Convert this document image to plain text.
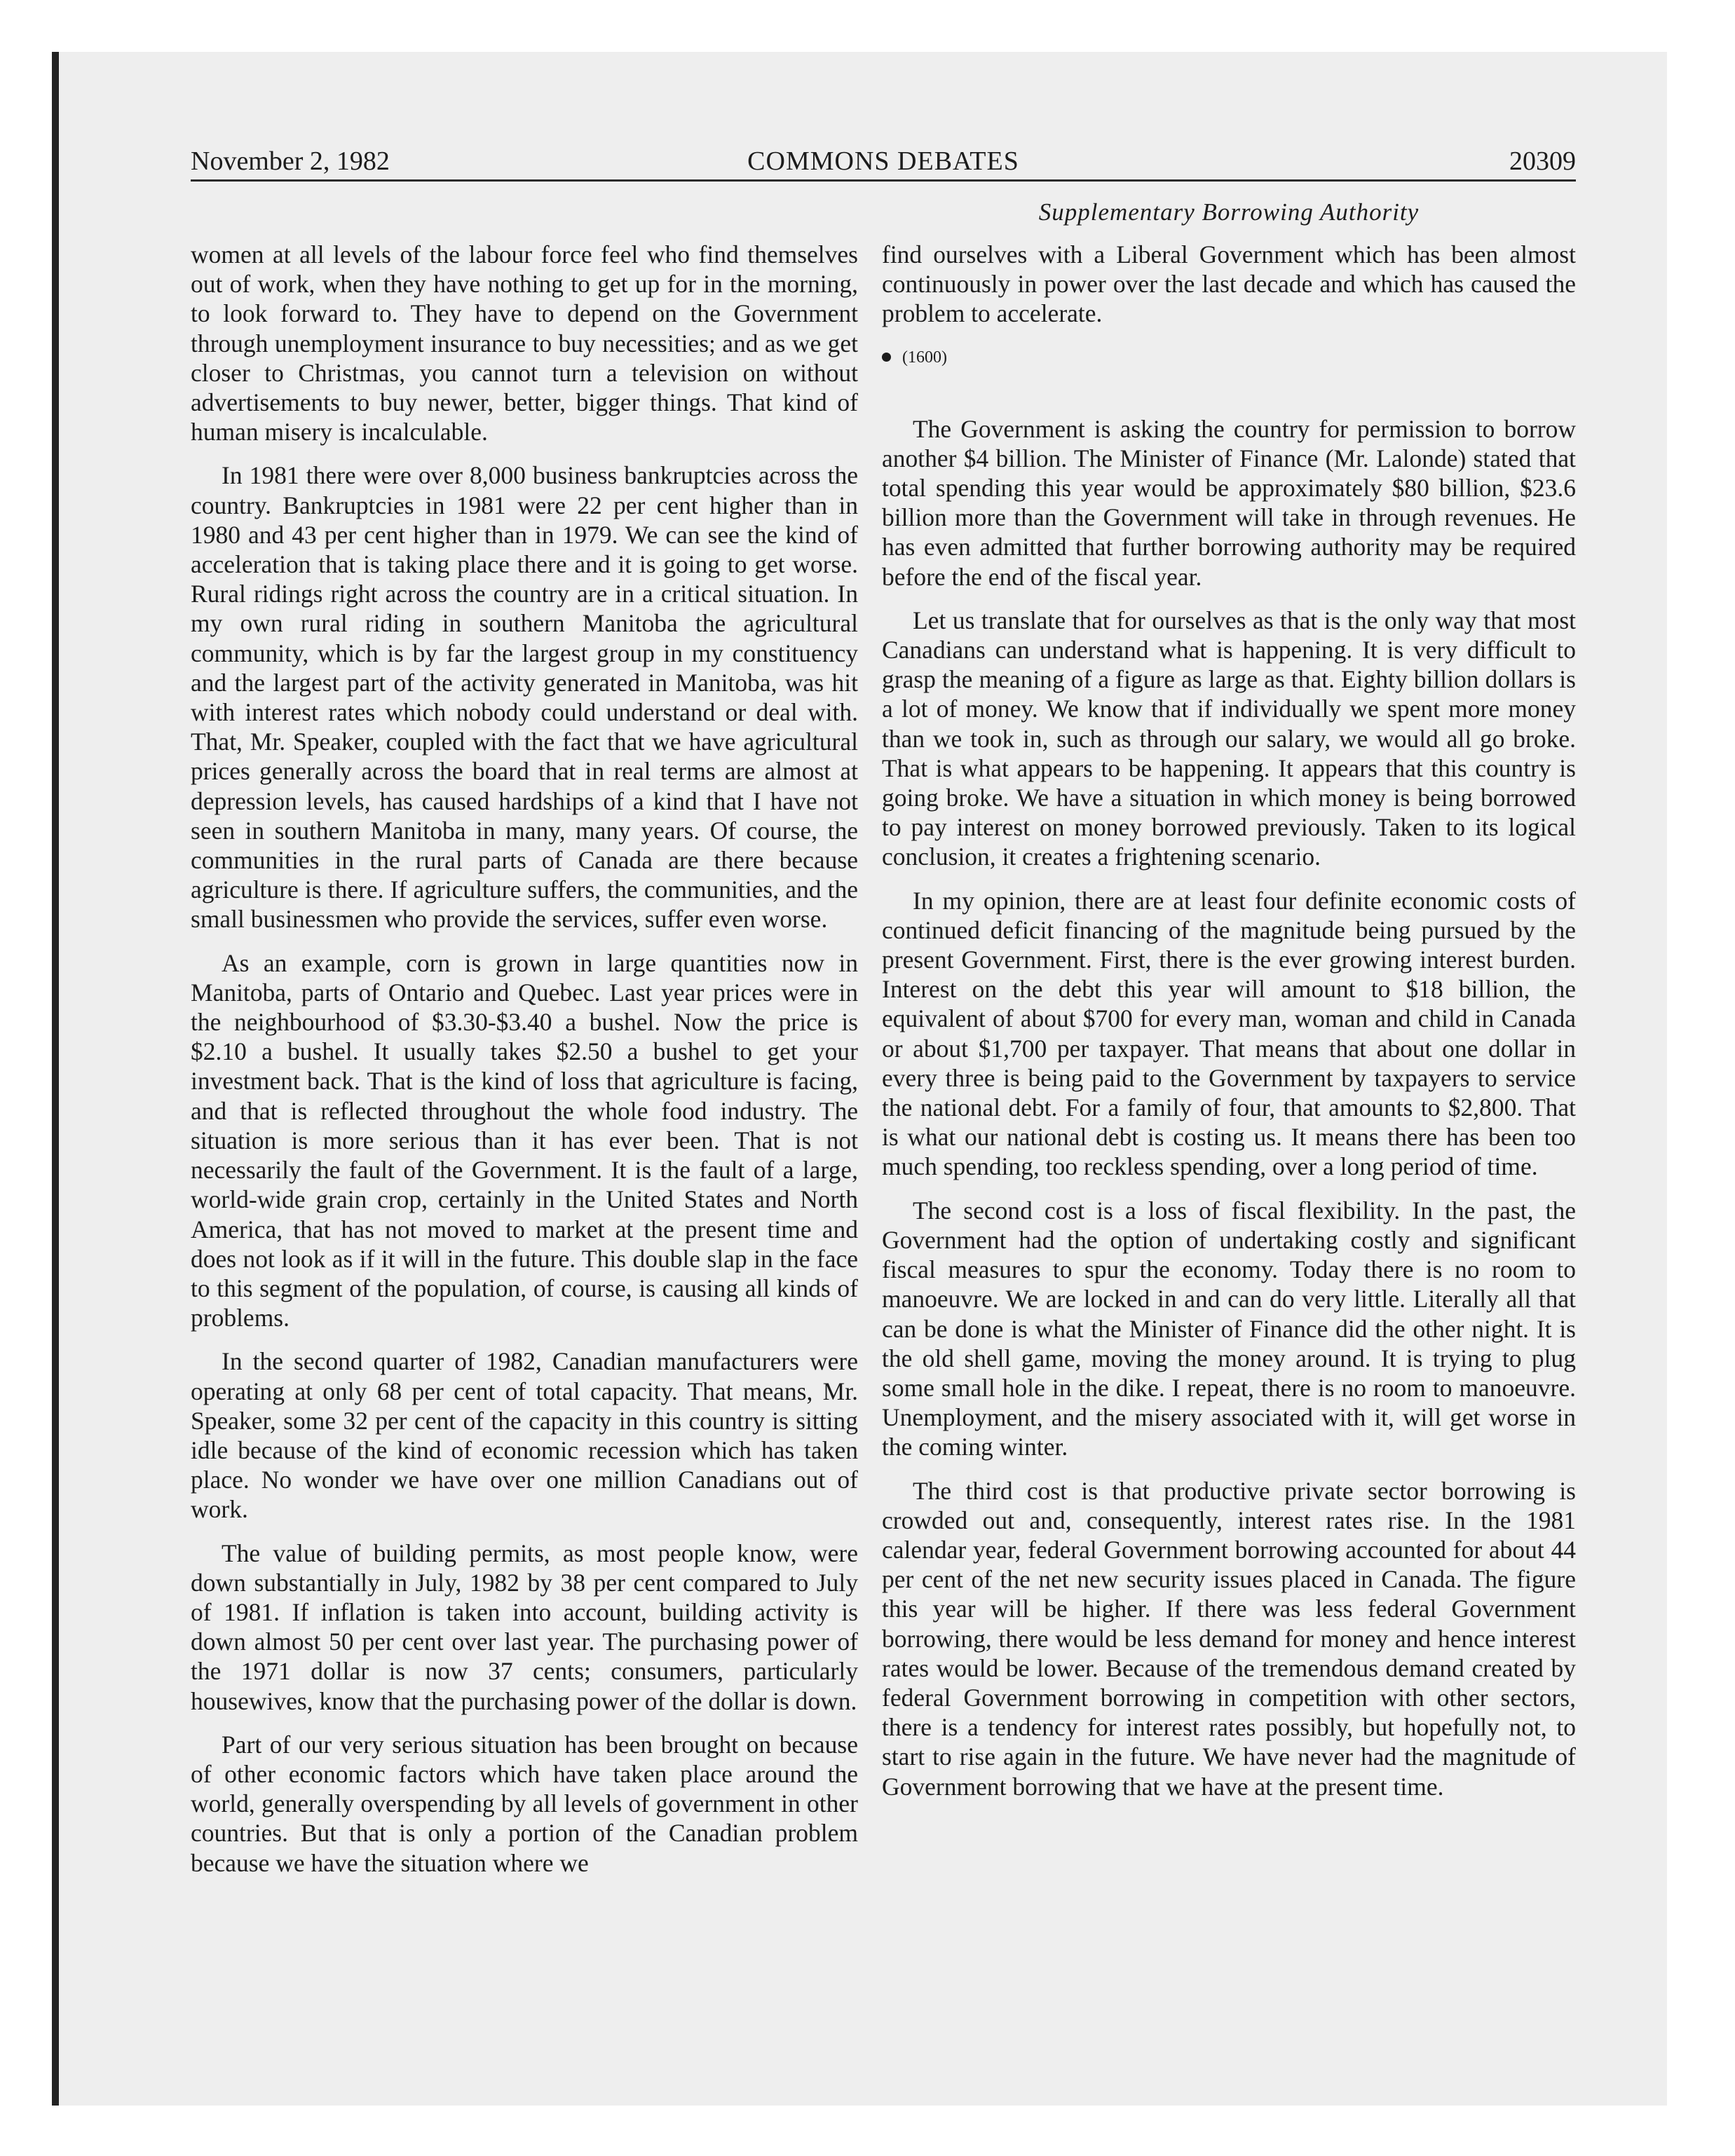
November 2, 1982	COMMONS DEBATES	20309
Supplementary Borrowing Authority

women at all levels of the labour force feel who find themselves out of work, when they have nothing to get up for in the morning, to look forward to. They have to depend on the Government through unemployment insurance to buy necessities; and as we get closer to Christmas, you cannot turn a television on without advertisements to buy newer, better, bigger things. That kind of human misery is incalculable.

In 1981 there were over 8,000 business bankruptcies across the country. Bankruptcies in 1981 were 22 per cent higher than in 1980 and 43 per cent higher than in 1979. We can see the kind of acceleration that is taking place there and it is going to get worse. Rural ridings right across the country are in a critical situation. In my own rural riding in southern Manitoba the agricultural community, which is by far the largest group in my constituency and the largest part of the activity generated in Manitoba, was hit with interest rates which nobody could understand or deal with. That, Mr. Speaker, coupled with the fact that we have agricultural prices generally across the board that in real terms are almost at depression levels, has caused hardships of a kind that I have not seen in southern Manitoba in many, many years. Of course, the communities in the rural parts of Canada are there because agriculture is there. If agriculture suffers, the communities, and the small businessmen who provide the services, suffer even worse.

As an example, corn is grown in large quantities now in Manitoba, parts of Ontario and Quebec. Last year prices were in the neighbourhood of $3.30-$3.40 a bushel. Now the price is $2.10 a bushel. It usually takes $2.50 a bushel to get your investment back. That is the kind of loss that agriculture is facing, and that is reflected throughout the whole food industry. The situation is more serious than it has ever been. That is not necessarily the fault of the Government. It is the fault of a large, world-wide grain crop, certainly in the United States and North America, that has not moved to market at the present time and does not look as if it will in the future. This double slap in the face to this segment of the population, of course, is causing all kinds of problems.

In the second quarter of 1982, Canadian manufacturers were operating at only 68 per cent of total capacity. That means, Mr. Speaker, some 32 per cent of the capacity in this country is sitting idle because of the kind of economic recession which has taken place. No wonder we have over one million Canadians out of work.

The value of building permits, as most people know, were down substantially in July, 1982 by 38 per cent compared to July of 1981. If inflation is taken into account, building activity is down almost 50 per cent over last year. The purchasing power of the 1971 dollar is now 37 cents; consumers, particularly housewives, know that the purchasing power of the dollar is down.

Part of our very serious situation has been brought on because of other economic factors which have taken place around the world, generally overspending by all levels of government in other countries. But that is only a portion of the Canadian problem because we have the situation where we

find ourselves with a Liberal Government which has been almost continuously in power over the last decade and which has caused the problem to accelerate.

(1600)

The Government is asking the country for permission to borrow another $4 billion. The Minister of Finance (Mr. Lalonde) stated that total spending this year would be approximately $80 billion, $23.6 billion more than the Government will take in through revenues. He has even admitted that further borrowing authority may be required before the end of the fiscal year.

Let us translate that for ourselves as that is the only way that most Canadians can understand what is happening. It is very difficult to grasp the meaning of a figure as large as that. Eighty billion dollars is a lot of money. We know that if individually we spent more money than we took in, such as through our salary, we would all go broke. That is what appears to be happening. It appears that this country is going broke. We have a situation in which money is being borrowed to pay interest on money borrowed previously. Taken to its logical conclusion, it creates a frightening scenario.

In my opinion, there are at least four definite economic costs of continued deficit financing of the magnitude being pursued by the present Government. First, there is the ever growing interest burden. Interest on the debt this year will amount to $18 billion, the equivalent of about $700 for every man, woman and child in Canada or about $1,700 per taxpayer. That means that about one dollar in every three is being paid to the Government by taxpayers to service the national debt. For a family of four, that amounts to $2,800. That is what our national debt is costing us. It means there has been too much spending, too reckless spending, over a long period of time.

The second cost is a loss of fiscal flexibility. In the past, the Government had the option of undertaking costly and significant fiscal measures to spur the economy. Today there is no room to manoeuvre. We are locked in and can do very little. Literally all that can be done is what the Minister of Finance did the other night. It is the old shell game, moving the money around. It is trying to plug some small hole in the dike. I repeat, there is no room to manoeuvre. Unemployment, and the misery associated with it, will get worse in the coming winter.

The third cost is that productive private sector borrowing is crowded out and, consequently, interest rates rise. In the 1981 calendar year, federal Government borrowing accounted for about 44 per cent of the net new security issues placed in Canada. The figure this year will be higher. If there was less federal Government borrowing, there would be less demand for money and hence interest rates would be lower. Because of the tremendous demand created by federal Government borrowing in competition with other sectors, there is a tendency for interest rates possibly, but hopefully not, to start to rise again in the future. We have never had the magnitude of Government borrowing that we have at the present time.
